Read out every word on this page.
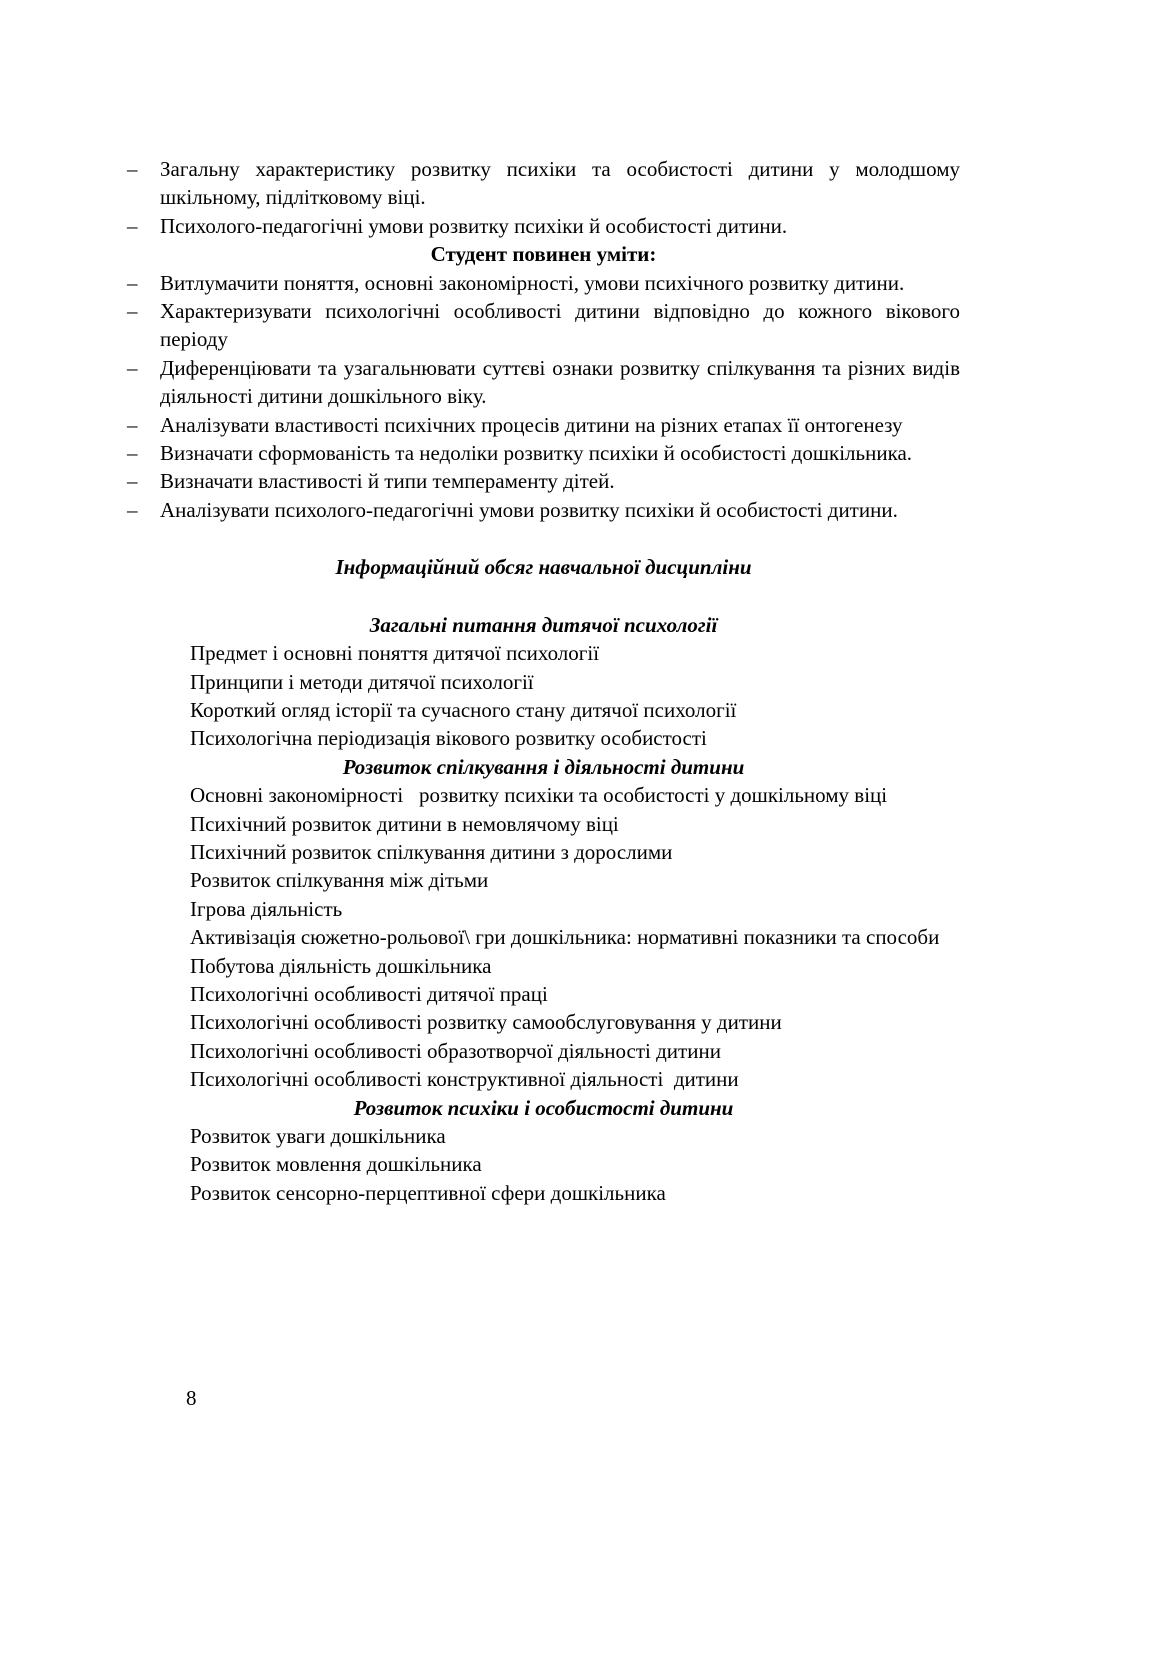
–	Загальну характеристику розвитку психіки та особистості дитини у молодшому шкільному, підлітковому віці.
–	Психолого-педагогічні умови розвитку психіки й особистості дитини.
Студент повинен уміти:
–	Витлумачити поняття, основні закономірності, умови психічного розвитку дитини.
–	Характеризувати психологічні особливості дитини відповідно до кожного вікового періоду
–	Диференціювати та узагальнювати суттєві ознаки розвитку спілкування та різних видів діяльності дитини дошкільного віку.
–	Аналізувати властивості психічних процесів дитини на різних етапах її онтогенезу
–	Визначати сформованість та недоліки розвитку психіки й особистості дошкільника.
–	Визначати властивості й типи темпераменту дітей.
–	Аналізувати психолого-педагогічні умови розвитку психіки й особистості дитини.
Інформаційний обсяг навчальної дисципліни
Загальні питання дитячої психології
Предмет і основні поняття дитячої психології
Принципи і методи дитячої психології
Короткий огляд історії та сучасного стану дитячої психології
Психологічна періодизація вікового розвитку особистості
Розвиток спілкування і діяльності дитини
Основні закономірності   розвитку психіки та особистості у дошкільному віці
Психічний розвиток дитини в немовлячому віці
Психічний розвиток спілкування дитини з дорослими
Розвиток спілкування між дітьми
Ігрова діяльність
Активізація сюжетно-рольової\ гри дошкільника: нормативні показники та способи
Побутова діяльність дошкільника
Психологічні особливості дитячої праці
Психологічні особливості розвитку самообслуговування у дитини
Психологічні особливості образотворчої діяльності дитини
Психологічні особливості конструктивної діяльності  дитини
Розвиток психіки і особистості дитини
Розвиток уваги дошкільника
Розвиток мовлення дошкільника
Розвиток сенсорно-перцептивної сфери дошкільника
8
